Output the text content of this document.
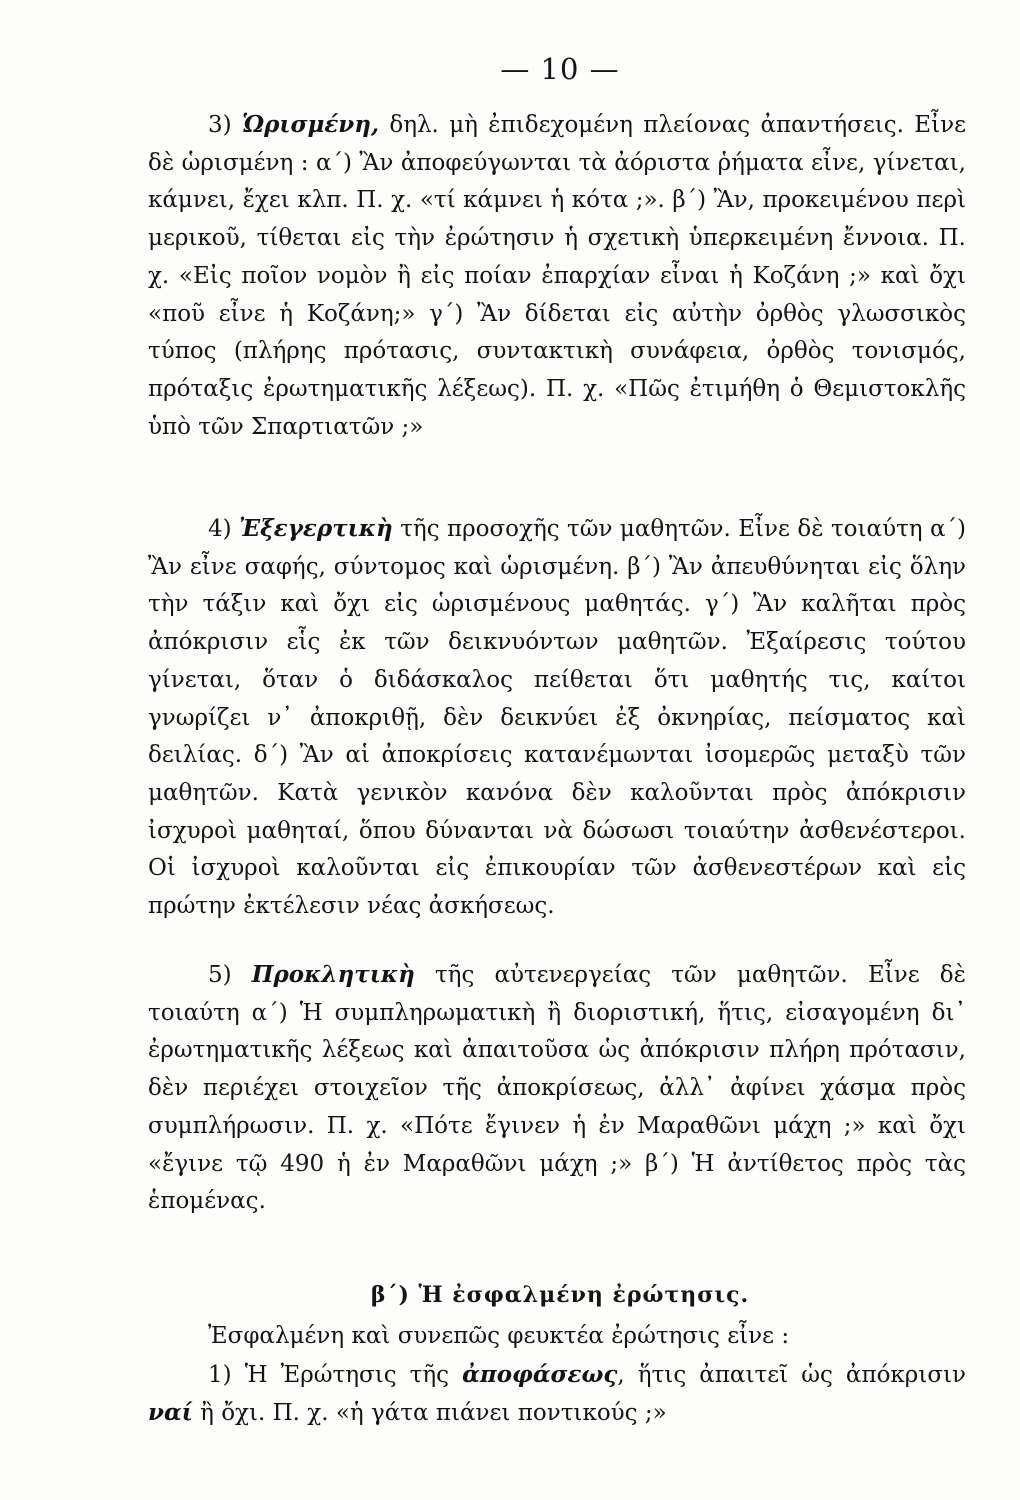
— 10 —

3) Ὡρισμένη, δηλ. μὴ ἐπιδεχομένη πλείονας ἀπαντήσεις. Εἶνε δὲ ὡρισμένη : α΄) Ἂν ἀποφεύγωνται τὰ ἀόριστα ῥήματα εἶνε, γίνεται, κάμνει, ἔχει κλπ. Π. χ. «τί κάμνει ἡ κότα ;». β΄) Ἂν, προκειμένου περὶ μερικοῦ, τίθεται εἰς τὴν ἐρώτησιν ἡ σχετικὴ ὑπερκειμένη ἔννοια. Π. χ. «Εἰς ποῖον νομὸν ἢ εἰς ποίαν ἐπαρχίαν εἶναι ἡ Κοζάνη ;» καὶ ὄχι «ποῦ εἶνε ἡ Κοζάνη;» γ΄) Ἂν δίδεται εἰς αὐτὴν ὀρθὸς γλωσσικὸς τύπος (πλήρης πρότασις, συντακτικὴ συνάφεια, ὀρθὸς τονισμός, πρόταξις ἐρωτηματικῆς λέξεως). Π. χ. «Πῶς ἐτιμήθη ὁ Θεμιστοκλῆς ὑπὸ τῶν Σπαρτιατῶν ;»

4) Ἐξεγερτικὴ τῆς προσοχῆς τῶν μαθητῶν. Εἶνε δὲ τοιαύτη α΄) Ἂν εἶνε σαφής, σύντομος καὶ ὡρισμένη. β΄) Ἂν ἀπευθύνηται εἰς ὅλην τὴν τάξιν καὶ ὄχι εἰς ὡρισμένους μαθητάς. γ΄) Ἂν καλῆται πρὸς ἀπόκρισιν εἷς ἐκ τῶν δεικνυόντων μαθητῶν. Ἐξαίρεσις τούτου γίνεται, ὅταν ὁ διδάσκαλος πείθεται ὅτι μαθητής τις, καίτοι γνωρίζει ν᾽ ἀποκριθῇ, δὲν δεικνύει ἐξ ὀκνηρίας, πείσματος καὶ δειλίας. δ΄) Ἂν αἱ ἀποκρίσεις κατανέμωνται ἰσομερῶς μεταξὺ τῶν μαθητῶν. Κατὰ γενικὸν κανόνα δὲν καλοῦνται πρὸς ἀπόκρισιν ἰσχυροὶ μαθηταί, ὅπου δύνανται νὰ δώσωσι τοιαύτην ἀσθενέστεροι. Οἱ ἰσχυροὶ καλοῦνται εἰς ἐπικουρίαν τῶν ἀσθενεστέρων καὶ εἰς πρώτην ἐκτέλεσιν νέας ἀσκήσεως.

5) Προκλητικὴ τῆς αὐτενεργείας τῶν μαθητῶν. Εἶνε δὲ τοιαύτη α΄) Ἡ συμπληρωματικὴ ἢ διοριστική, ἥτις, εἰσαγομένη δι᾽ ἐρωτηματικῆς λέξεως καὶ ἀπαιτοῦσα ὡς ἀπόκρισιν πλήρη πρότασιν, δὲν περιέχει στοιχεῖον τῆς ἀποκρίσεως, ἀλλ᾽ ἀφίνει χάσμα πρὸς συμπλήρωσιν. Π. χ. «Πότε ἔγινεν ἡ ἐν Μαραθῶνι μάχη ;» καὶ ὄχι «ἔγινε τῷ 490 ἡ ἐν Μαραθῶνι μάχη ;» β΄) Ἡ ἀντίθετος πρὸς τὰς ἑπομένας.

β΄) Ἡ ἐσφαλμένη ἐρώτησις.

Ἐσφαλμένη καὶ συνεπῶς φευκτέα ἐρώτησις εἶνε :

1) Ἡ Ἐρώτησις τῆς ἀποφάσεως, ἥτις ἀπαιτεῖ ὡς ἀπόκρισιν ναί ἢ ὄχι. Π. χ. «ἡ γάτα πιάνει ποντικούς ;»
